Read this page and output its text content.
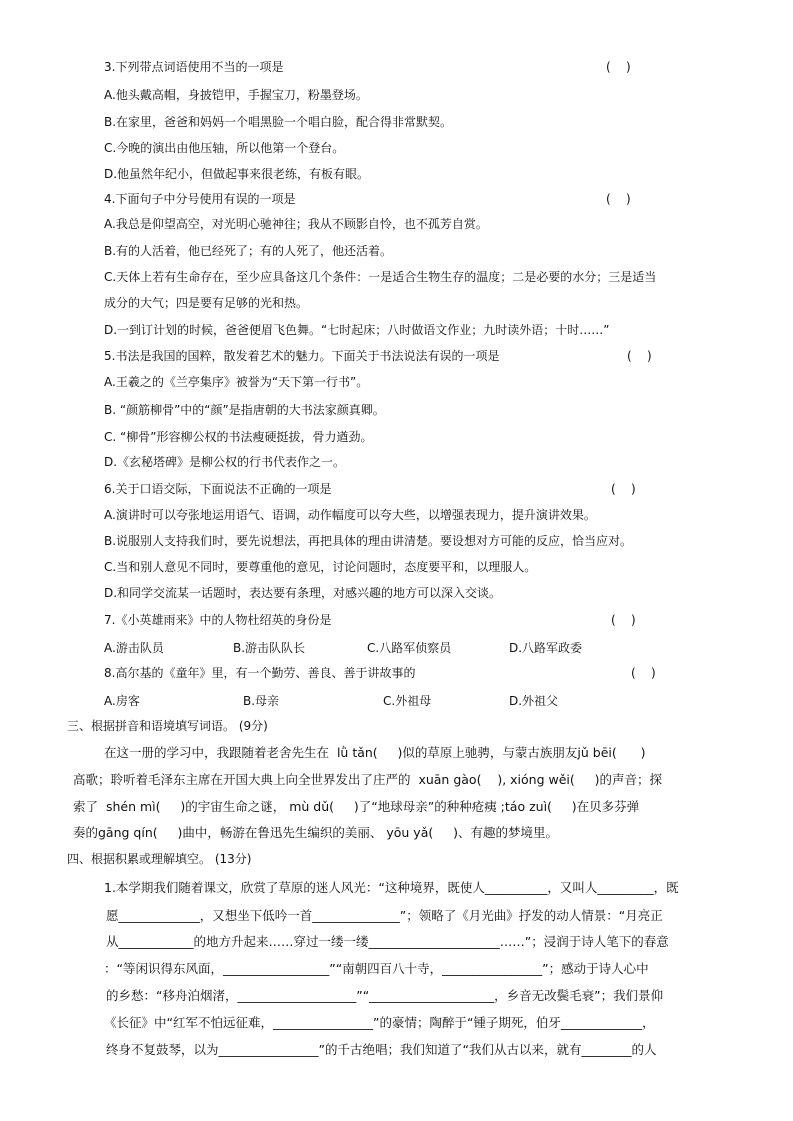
3.下列带点词语使用不当的一项是	(    )
A.他头戴高帽，身披铠甲，手握宝刀，粉墨登场。
B.在家里，爸爸和妈妈一个唱黑脸一个唱白脸，配合得非常默契。
C.今晚的演出由他压轴，所以他第一个登台。
D.他虽然年纪小，但做起事来很老练，有板有眼。
4.下面句子中分号使用有误的一项是	(    )
A.我总是仰望高空，对光明心驰神往；我从不顾影自怜，也不孤芳自赏。
B.有的人活着，他已经死了；有的人死了，他还活着。
C.天体上若有生命存在，至少应具备这几个条件：一是适合生物生存的温度；二是必要的水分；三是适当
成分的大气；四是要有足够的光和热。
D.一到订计划的时候，爸爸便眉飞色舞。“七时起床；八时做语文作业；九时读外语；十时……”
5.书法是我国的国粹，散发着艺术的魅力。下面关于书法说法有误的一项是	(    )
A.王羲之的《兰亭集序》被誉为“天下第一行书”。
B. “颜筋柳骨”中的“颜”是指唐朝的大书法家颜真卿。
C. “柳骨”形容柳公权的书法瘦硬挺拔，骨力遒劲。
D.《玄秘塔碑》是柳公权的行书代表作之一。
6.关于口语交际，下面说法不正确的一项是	(    )
A.演讲时可以夸张地运用语气、语调，动作幅度可以夸大些，以增强表现力，提升演讲效果。
B.说服别人支持我们时，要先说想法，再把具体的理由讲清楚。要设想对方可能的反应，恰当应对。
C.当和别人意见不同时，要尊重他的意见，讨论问题时，态度要平和，以理服人。
D.和同学交流某一话题时，表达要有条理，对感兴趣的地方可以深入交谈。
7.《小英雄雨来》中的人物杜绍英的身份是	(    )
A.游击队员	B.游击队队长	C.八路军侦察员	D.八路军政委
8.高尔基的《童年》里，有一个勤劳、善良、善于讲故事的	(    )
A.房客	B.母亲	C.外祖母	D.外祖父
三、根据拼音和语境填写词语。 (9分)
在这一册的学习中，我跟随着老舍先生在  lǜ tǎn(     )似的草原上驰骋，与蒙古族朋友jǔ bēi(      )
高歌；聆听着毛泽东主席在开国大典上向全世界发出了庄严的  xuān gào(    ), xióng wěi(     )的声音；探
索了  shén mì(     )的宇宙生命之谜， mù dǔ(     )了“地球母亲”的种种疮痍 ;táo zuì(     )在贝多芬弹
奏的gāng qín(     )曲中，畅游在鲁迅先生编织的美丽、 yōu yǎ(     )、有趣的梦境里。
四、根据积累或理解填空。 (13分)
1.本学期我们随着课文，欣赏了草原的迷人风光：“这种境界，既使人__________，又叫人_________，既
愿_____________，又想坐下低吟一首______________”；领略了《月光曲》抒发的动人情景：“月亮正
从____________的地方升起来……穿过一缕一缕_____________________……”；浸润于诗人笔下的春意
：“等闲识得东风面，_________________”“南朝四百八十寺，________________”；感动于诗人心中
的乡愁：“移舟泊烟渚，___________________”“____________________，乡音无改鬓毛衰”；我们景仰
《长征》中“红军不怕远征难，________________”的豪情；陶醉于“锺子期死，伯牙_____________，
终身不复鼓琴，以为________________”的千古绝唱；我们知道了“我们从古以来，就有________的人
